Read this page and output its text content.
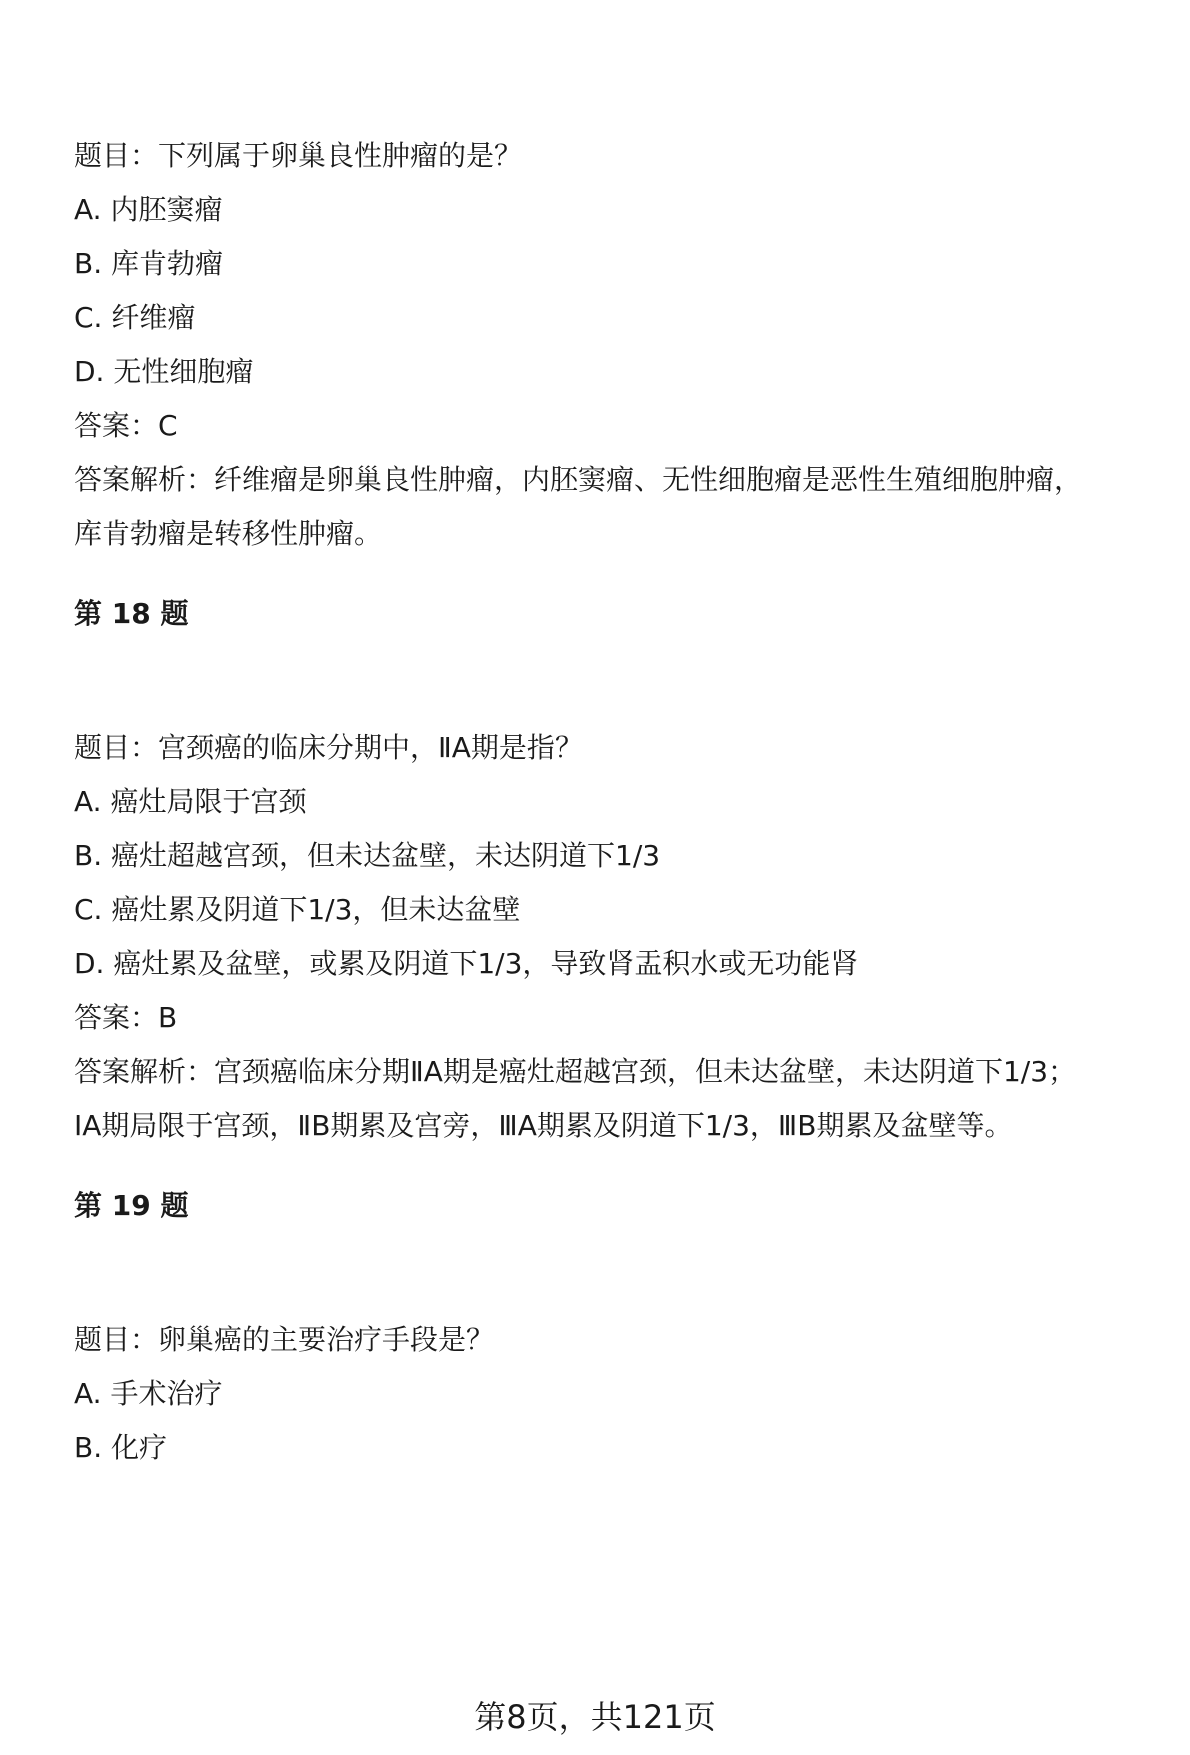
题目：下列属于卵巢良性肿瘤的是？
A. 内胚窦瘤
B. 库肯勃瘤
C. 纤维瘤
D. 无性细胞瘤
答案：C
答案解析：纤维瘤是卵巢良性肿瘤，内胚窦瘤、无性细胞瘤是恶性生殖细胞肿瘤，
库肯勃瘤是转移性肿瘤。
第 18 题
题目：宫颈癌的临床分期中，ⅡA期是指？
A. 癌灶局限于宫颈
B. 癌灶超越宫颈，但未达盆壁，未达阴道下1/3
C. 癌灶累及阴道下1/3，但未达盆壁
D. 癌灶累及盆壁，或累及阴道下1/3，导致肾盂积水或无功能肾
答案：B
答案解析：宫颈癌临床分期ⅡA期是癌灶超越宫颈，但未达盆壁，未达阴道下1/3；
ⅠA期局限于宫颈，ⅡB期累及宫旁，ⅢA期累及阴道下1/3，ⅢB期累及盆壁等。
第 19 题
题目：卵巢癌的主要治疗手段是？
A. 手术治疗
B. 化疗
第8页，共121页
